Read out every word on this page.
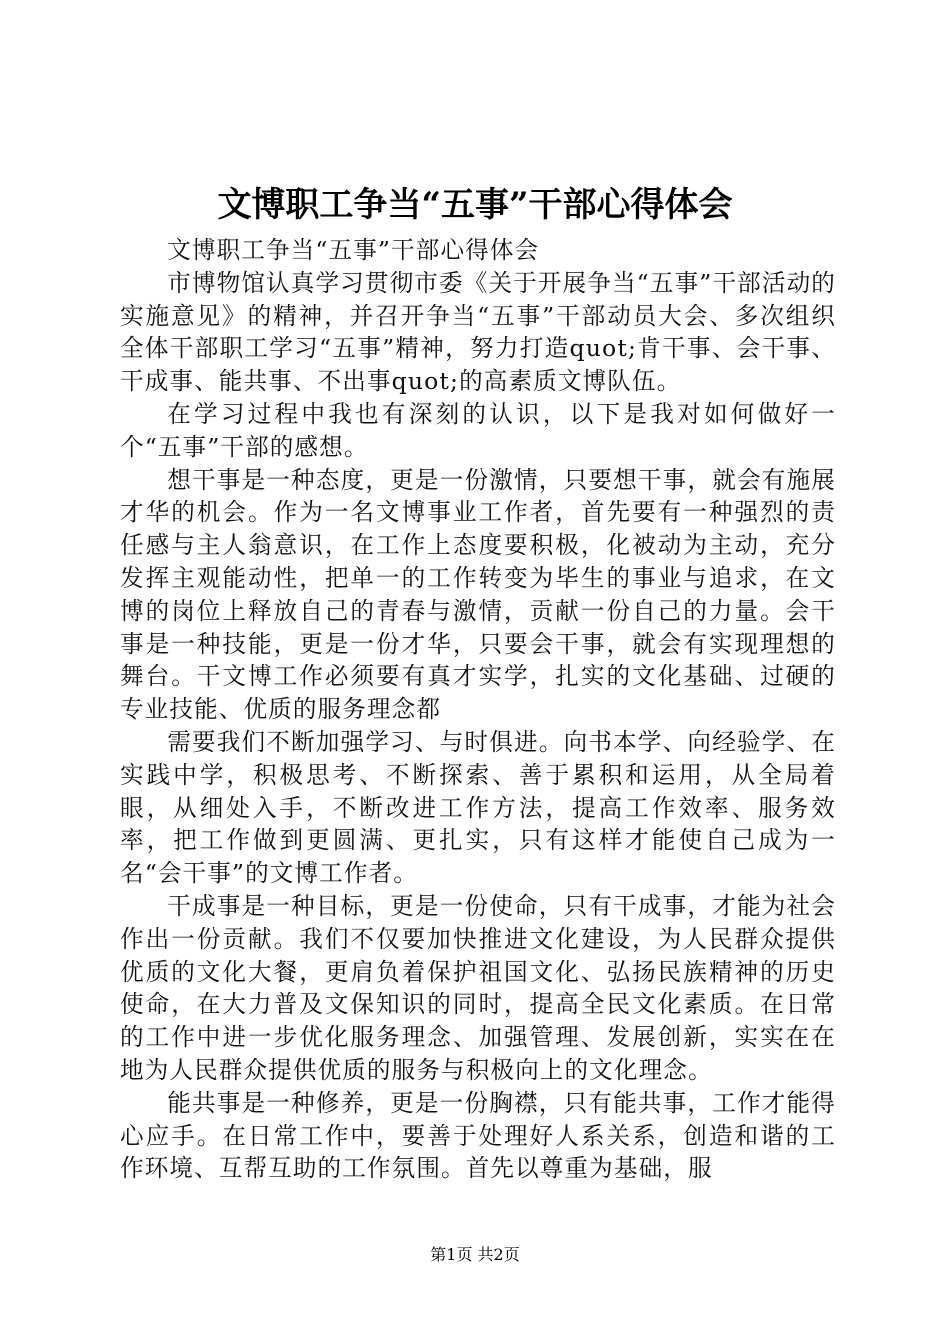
文博职工争当“五事”干部心得体会

文博职工争当“五事”干部心得体会

市博物馆认真学习贯彻市委《关于开展争当“五事”干部活动的实施意见》的精神，并召开争当“五事”干部动员大会、多次组织全体干部职工学习“五事”精神，努力打造quot;肯干事、会干事、干成事、能共事、不出事quot;的高素质文博队伍。

在学习过程中我也有深刻的认识，以下是我对如何做好一个“五事”干部的感想。

想干事是一种态度，更是一份激情，只要想干事，就会有施展才华的机会。作为一名文博事业工作者，首先要有一种强烈的责任感与主人翁意识，在工作上态度要积极，化被动为主动，充分发挥主观能动性，把单一的工作转变为毕生的事业与追求，在文博的岗位上释放自己的青春与激情，贡献一份自己的力量。会干事是一种技能，更是一份才华，只要会干事，就会有实现理想的舞台。干文博工作必须要有真才实学，扎实的文化基础、过硬的专业技能、优质的服务理念都

需要我们不断加强学习、与时俱进。向书本学、向经验学、在实践中学，积极思考、不断探索、善于累积和运用，从全局着眼，从细处入手，不断改进工作方法，提高工作效率、服务效率，把工作做到更圆满、更扎实，只有这样才能使自己成为一名“会干事”的文博工作者。

干成事是一种目标，更是一份使命，只有干成事，才能为社会作出一份贡献。我们不仅要加快推进文化建设，为人民群众提供优质的文化大餐，更肩负着保护祖国文化、弘扬民族精神的历史使命，在大力普及文保知识的同时，提高全民文化素质。在日常的工作中进一步优化服务理念、加强管理、发展创新，实实在在地为人民群众提供优质的服务与积极向上的文化理念。

能共事是一种修养，更是一份胸襟，只有能共事，工作才能得心应手。在日常工作中，要善于处理好人系关系，创造和谐的工作环境、互帮互助的工作氛围。首先以尊重为基础，服

第1页 共2页
